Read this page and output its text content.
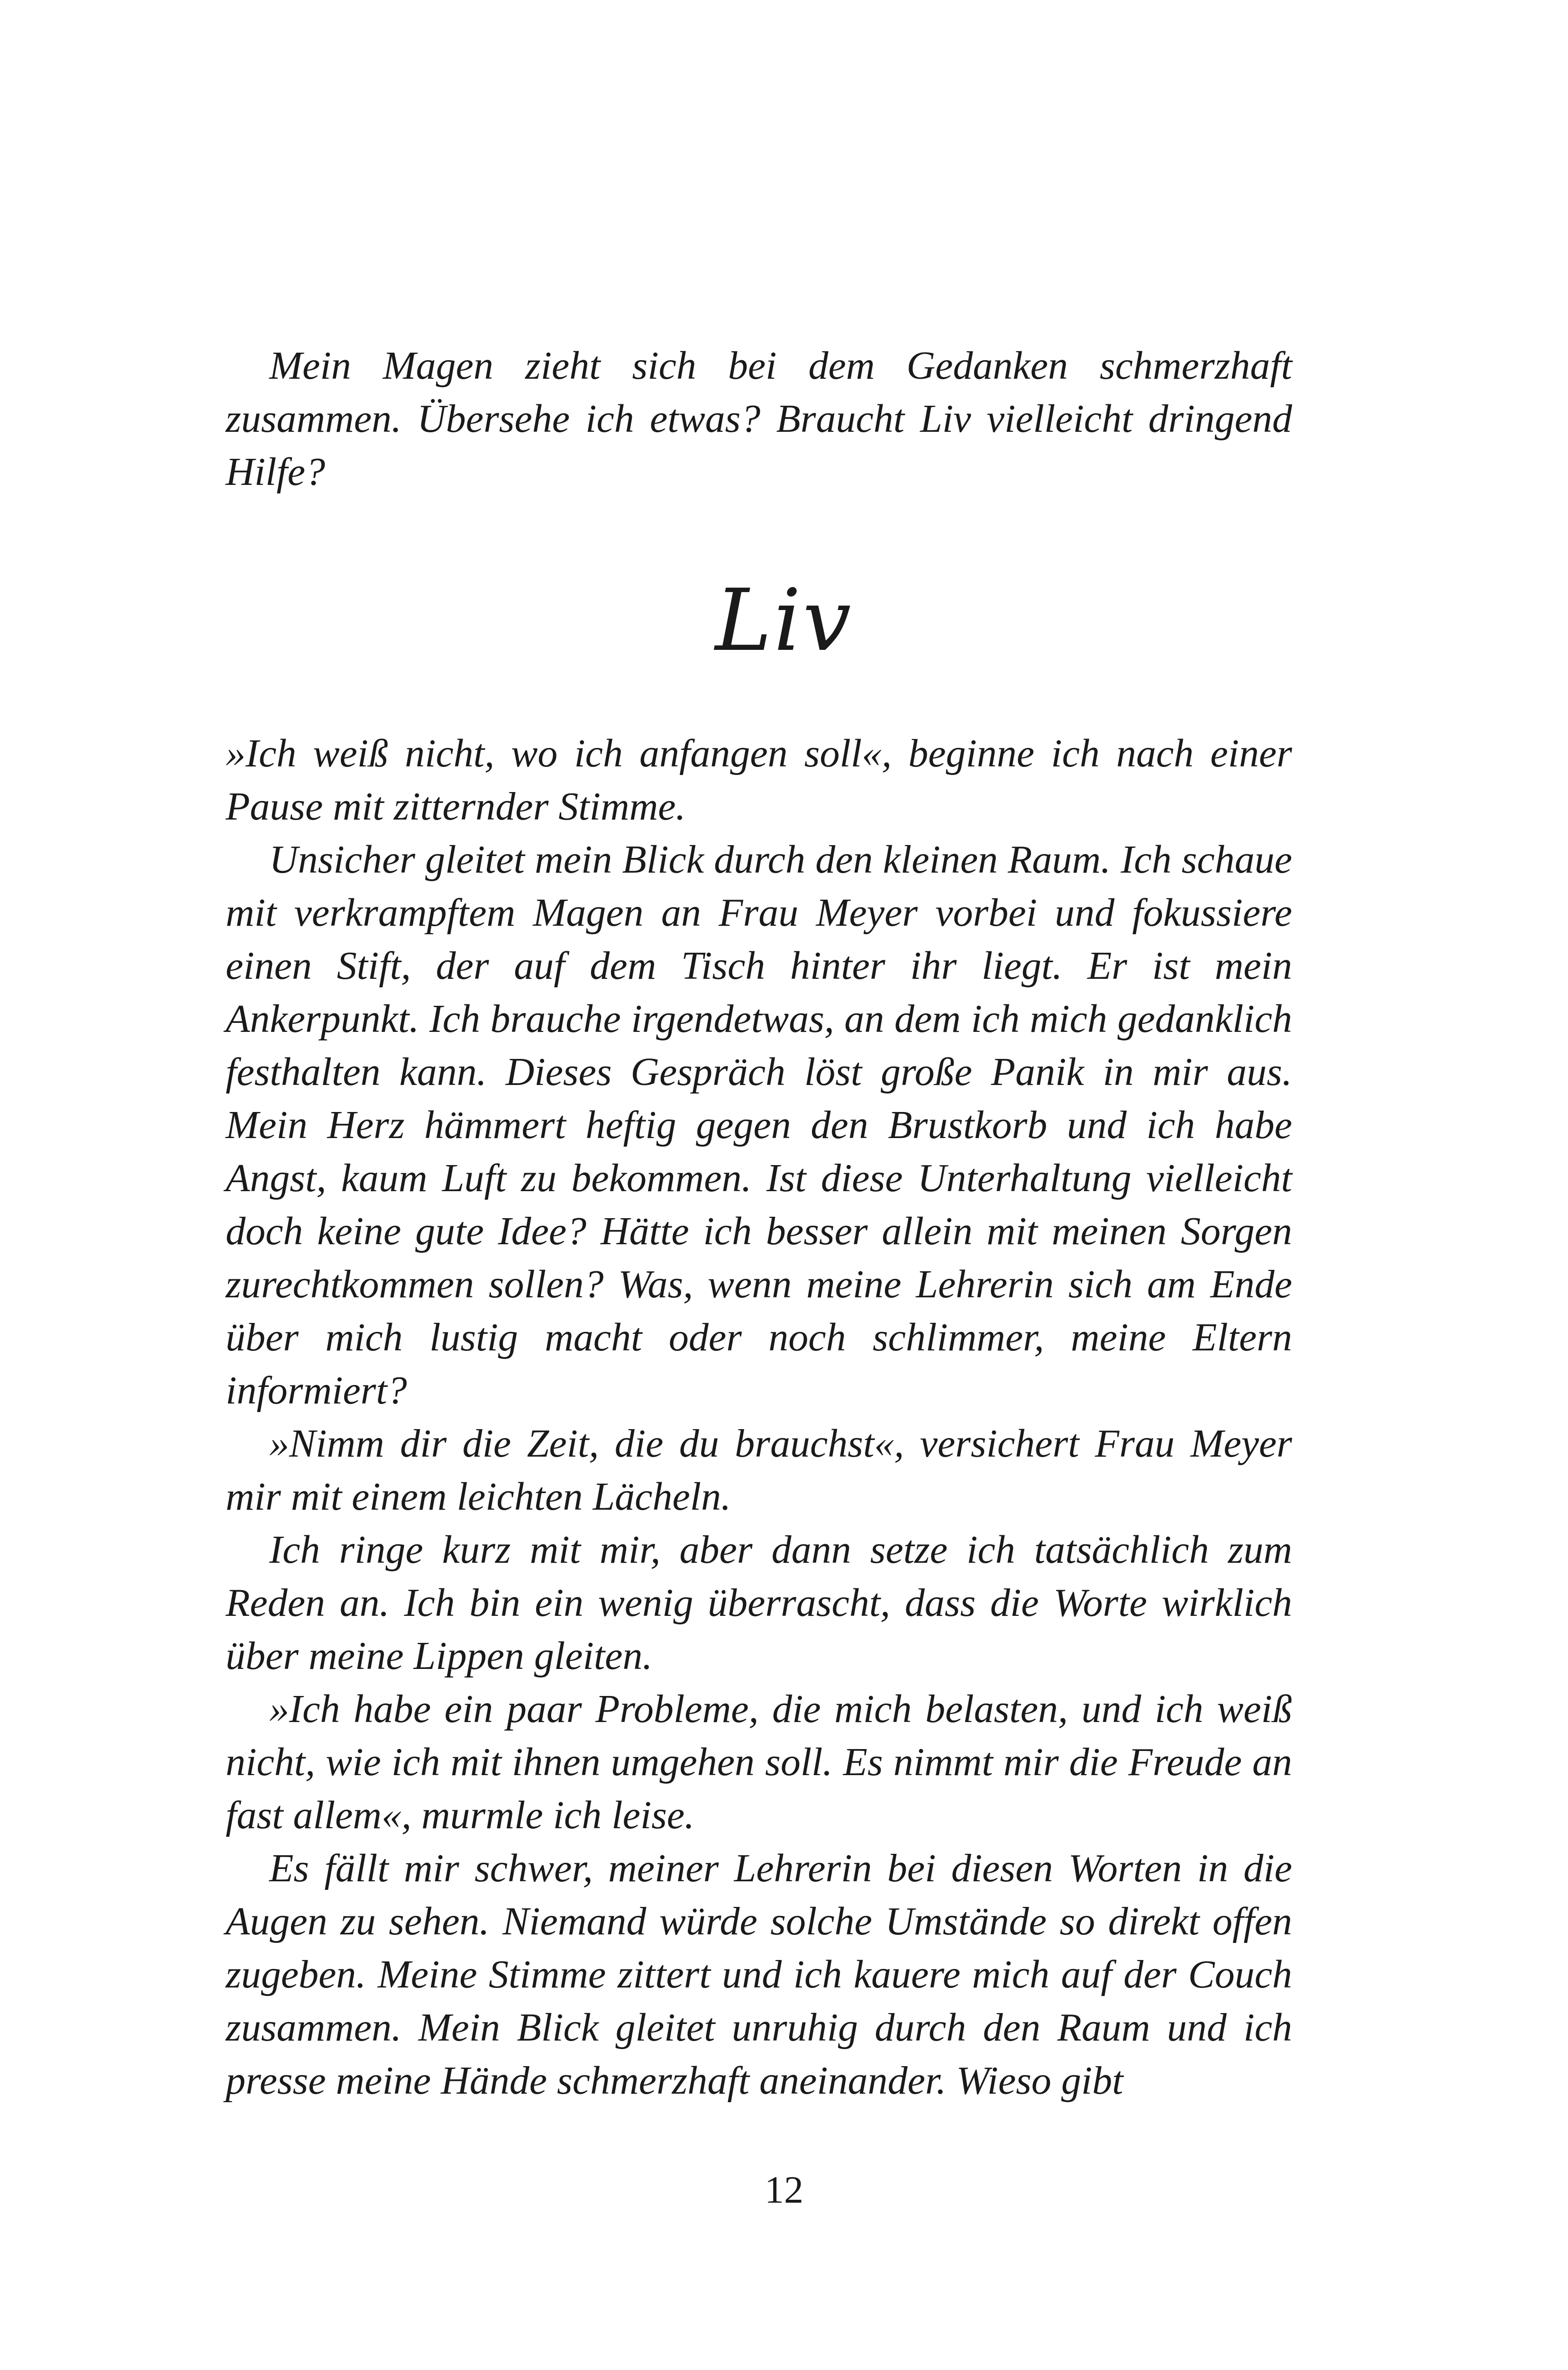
Mein Magen zieht sich bei dem Gedanken schmerzhaft zusammen. Übersehe ich etwas? Braucht Liv vielleicht dringend Hilfe?

Liv

»Ich weiß nicht, wo ich anfangen soll«, beginne ich nach einer Pause mit zitternder Stimme.

Unsicher gleitet mein Blick durch den kleinen Raum. Ich schaue mit verkrampftem Magen an Frau Meyer vorbei und fokussiere einen Stift, der auf dem Tisch hinter ihr liegt. Er ist mein Ankerpunkt. Ich brauche irgendetwas, an dem ich mich gedanklich festhalten kann. Dieses Gespräch löst große Panik in mir aus. Mein Herz hämmert heftig gegen den Brustkorb und ich habe Angst, kaum Luft zu bekommen. Ist diese Unterhaltung vielleicht doch keine gute Idee? Hätte ich besser allein mit meinen Sorgen zurechtkommen sollen? Was, wenn meine Lehrerin sich am Ende über mich lustig macht oder noch schlimmer, meine Eltern informiert?

»Nimm dir die Zeit, die du brauchst«, versichert Frau Meyer mir mit einem leichten Lächeln.

Ich ringe kurz mit mir, aber dann setze ich tatsächlich zum Reden an. Ich bin ein wenig überrascht, dass die Worte wirklich über meine Lippen gleiten.

»Ich habe ein paar Probleme, die mich belasten, und ich weiß nicht, wie ich mit ihnen umgehen soll. Es nimmt mir die Freude an fast allem«, murmle ich leise.

Es fällt mir schwer, meiner Lehrerin bei diesen Worten in die Augen zu sehen. Niemand würde solche Umstände so direkt offen zugeben. Meine Stimme zittert und ich kauere mich auf der Couch zusammen. Mein Blick gleitet unruhig durch den Raum und ich presse meine Hände schmerzhaft aneinander. Wieso gibt

12
